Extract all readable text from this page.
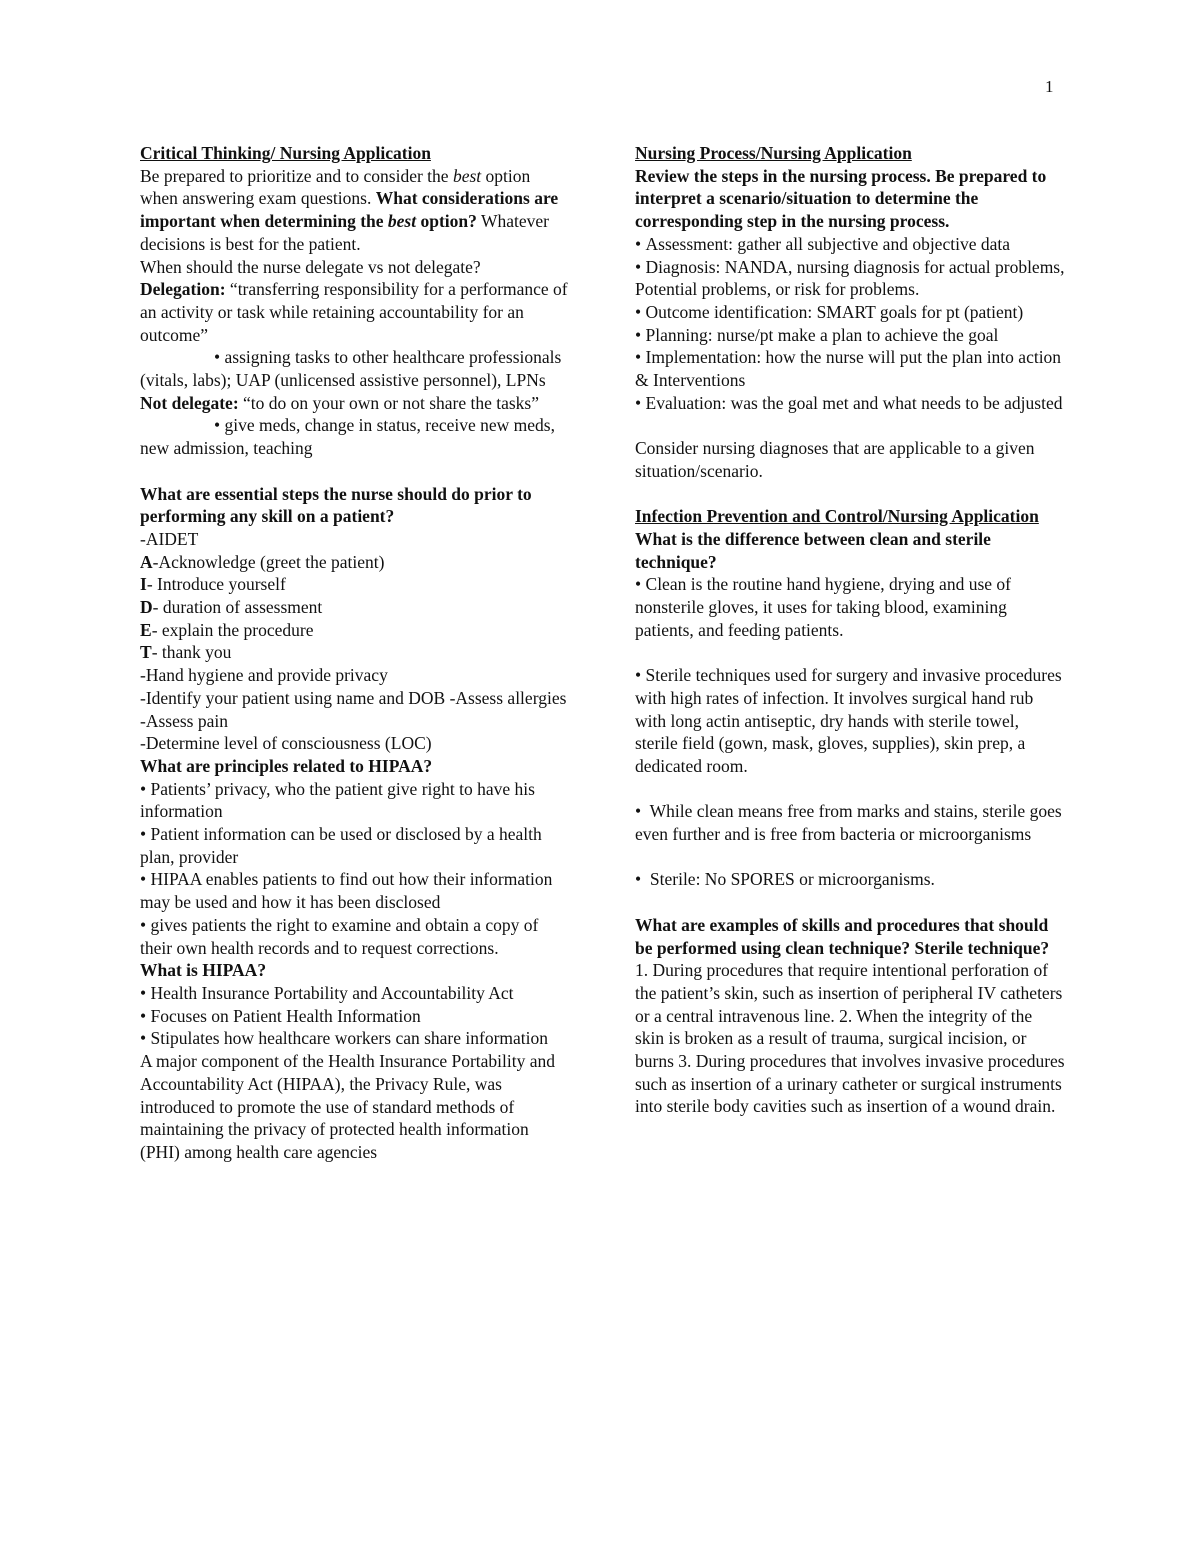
1

Critical Thinking/ Nursing Application

Be prepared to prioritize and to consider the best option when answering exam questions. What considerations are important when determining the best option? Whatever decisions is best for the patient.

When should the nurse delegate vs not delegate?

Delegation: “transferring responsibility for a performance of an activity or task while retaining accountability for an outcome”

• assigning tasks to other healthcare professionals (vitals, labs); UAP (unlicensed assistive personnel), LPNs

Not delegate: “to do on your own or not share the tasks”

• give meds, change in status, receive new meds, new admission, teaching

What are essential steps the nurse should do prior to performing any skill on a patient?

-AIDET

A-Acknowledge (greet the patient)

I- Introduce yourself

D- duration of assessment

E- explain the procedure

T- thank you

-Hand hygiene and provide privacy

-Identify your patient using name and DOB -Assess allergies

-Assess pain

-Determine level of consciousness (LOC)

What are principles related to HIPAA?

• Patients’ privacy, who the patient give right to have his information

• Patient information can be used or disclosed by a health plan, provider

• HIPAA enables patients to find out how their information may be used and how it has been disclosed

• gives patients the right to examine and obtain a copy of their own health records and to request corrections.

What is HIPAA?

• Health Insurance Portability and Accountability Act

• Focuses on Patient Health Information

• Stipulates how healthcare workers can share information

A major component of the Health Insurance Portability and Accountability Act (HIPAA), the Privacy Rule, was introduced to promote the use of standard methods of maintaining the privacy of protected health information (PHI) among health care agencies

Nursing Process/Nursing Application

Review the steps in the nursing process. Be prepared to interpret a scenario/situation to determine the corresponding step in the nursing process.

• Assessment: gather all subjective and objective data

• Diagnosis: NANDA, nursing diagnosis for actual problems, Potential problems, or risk for problems.

• Outcome identification: SMART goals for pt (patient)

• Planning: nurse/pt make a plan to achieve the goal

• Implementation: how the nurse will put the plan into action & Interventions

• Evaluation: was the goal met and what needs to be adjusted

Consider nursing diagnoses that are applicable to a given situation/scenario.

Infection Prevention and Control/Nursing Application

What is the difference between clean and sterile technique?

• Clean is the routine hand hygiene, drying and use of nonsterile gloves, it uses for taking blood, examining patients, and feeding patients.

• Sterile techniques used for surgery and invasive procedures with high rates of infection. It involves surgical hand rub with long actin antiseptic, dry hands with sterile towel, sterile field (gown, mask, gloves, supplies), skin prep, a dedicated room.

•  While clean means free from marks and stains, sterile goes even further and is free from bacteria or microorganisms

•  Sterile: No SPORES or microorganisms.

What are examples of skills and procedures that should be performed using clean technique? Sterile technique?

1. During procedures that require intentional perforation of the patient’s skin, such as insertion of peripheral IV catheters or a central intravenous line. 2. When the integrity of the skin is broken as a result of trauma, surgical incision, or burns 3. During procedures that involves invasive procedures such as insertion of a urinary catheter or surgical instruments into sterile body cavities such as insertion of a wound drain.
